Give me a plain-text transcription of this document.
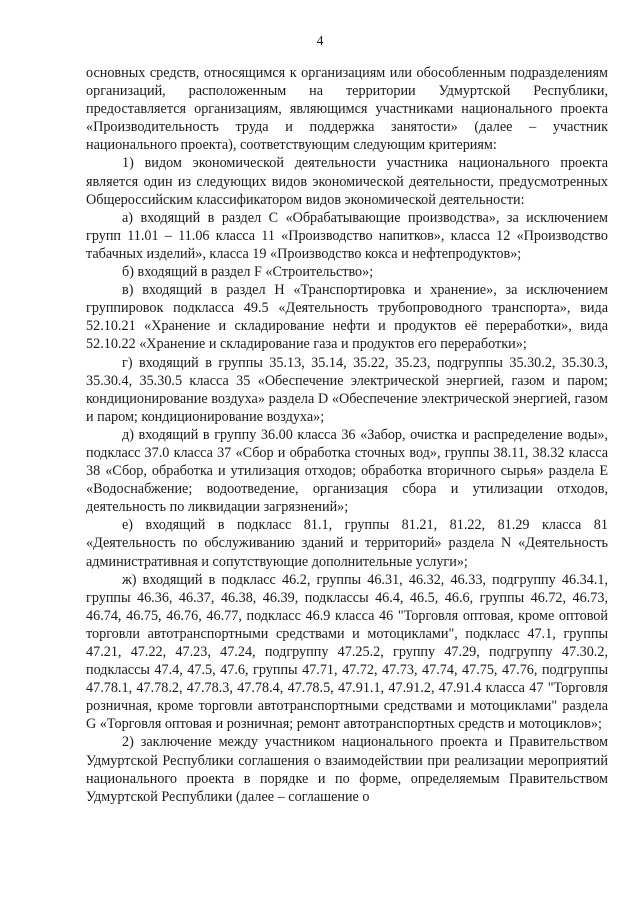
4

основных средств, относящимся к организациям или обособленным подразделениям организаций, расположенным на территории Удмуртской Республики, предоставляется организациям, являющимся участниками национального проекта «Производительность труда и поддержка занятости» (далее – участник национального проекта), соответствующим следующим критериям:

1) видом экономической деятельности участника национального проекта является один из следующих видов экономической деятельности, предусмотренных Общероссийским классификатором видов экономической деятельности:

а) входящий в раздел C «Обрабатывающие производства», за исключением групп 11.01 – 11.06 класса 11 «Производство напитков», класса 12 «Производство табачных изделий», класса 19 «Производство кокса и нефтепродуктов»;

б) входящий в раздел F «Строительство»;

в) входящий в раздел H «Транспортировка и хранение», за исключением группировок подкласса 49.5 «Деятельность трубопроводного транспорта», вида 52.10.21 «Хранение и складирование нефти и продуктов её переработки», вида 52.10.22 «Хранение и складирование газа и продуктов его переработки»;

г) входящий в группы 35.13, 35.14, 35.22, 35.23, подгруппы 35.30.2, 35.30.3, 35.30.4, 35.30.5 класса 35 «Обеспечение электрической энергией, газом и паром; кондиционирование воздуха» раздела D «Обеспечение электрической энергией, газом и паром; кондиционирование воздуха»;

д) входящий в группу 36.00 класса 36 «Забор, очистка и распределение воды», подкласс 37.0 класса 37 «Сбор и обработка сточных вод», группы 38.11, 38.32 класса 38 «Сбор, обработка и утилизация отходов; обработка вторичного сырья» раздела E «Водоснабжение; водоотведение, организация сбора и утилизации отходов, деятельность по ликвидации загрязнений»;

е) входящий в подкласс 81.1, группы 81.21, 81.22, 81.29 класса 81 «Деятельность по обслуживанию зданий и территорий» раздела N «Деятельность административная и сопутствующие дополнительные услуги»;

ж) входящий в подкласс 46.2, группы 46.31, 46.32, 46.33, подгруппу 46.34.1, группы 46.36, 46.37, 46.38, 46.39, подклассы 46.4, 46.5, 46.6, группы 46.72, 46.73, 46.74, 46.75, 46.76, 46.77, подкласс 46.9 класса 46 "Торговля оптовая, кроме оптовой торговли автотранспортными средствами и мотоциклами", подкласс 47.1, группы 47.21, 47.22, 47.23, 47.24, подгруппу 47.25.2, группу 47.29, подгруппу 47.30.2, подклассы 47.4, 47.5, 47.6, группы 47.71, 47.72, 47.73, 47.74, 47.75, 47.76, подгруппы 47.78.1, 47.78.2, 47.78.3, 47.78.4, 47.78.5, 47.91.1, 47.91.2, 47.91.4 класса 47 "Торговля розничная, кроме торговли автотранспортными средствами и мотоциклами" раздела G «Торговля оптовая и розничная; ремонт автотранспортных средств и мотоциклов»;

2) заключение между участником национального проекта и Правительством Удмуртской Республики соглашения о взаимодействии при реализации мероприятий национального проекта в порядке и по форме, определяемым Правительством Удмуртской Республики (далее – соглашение о
